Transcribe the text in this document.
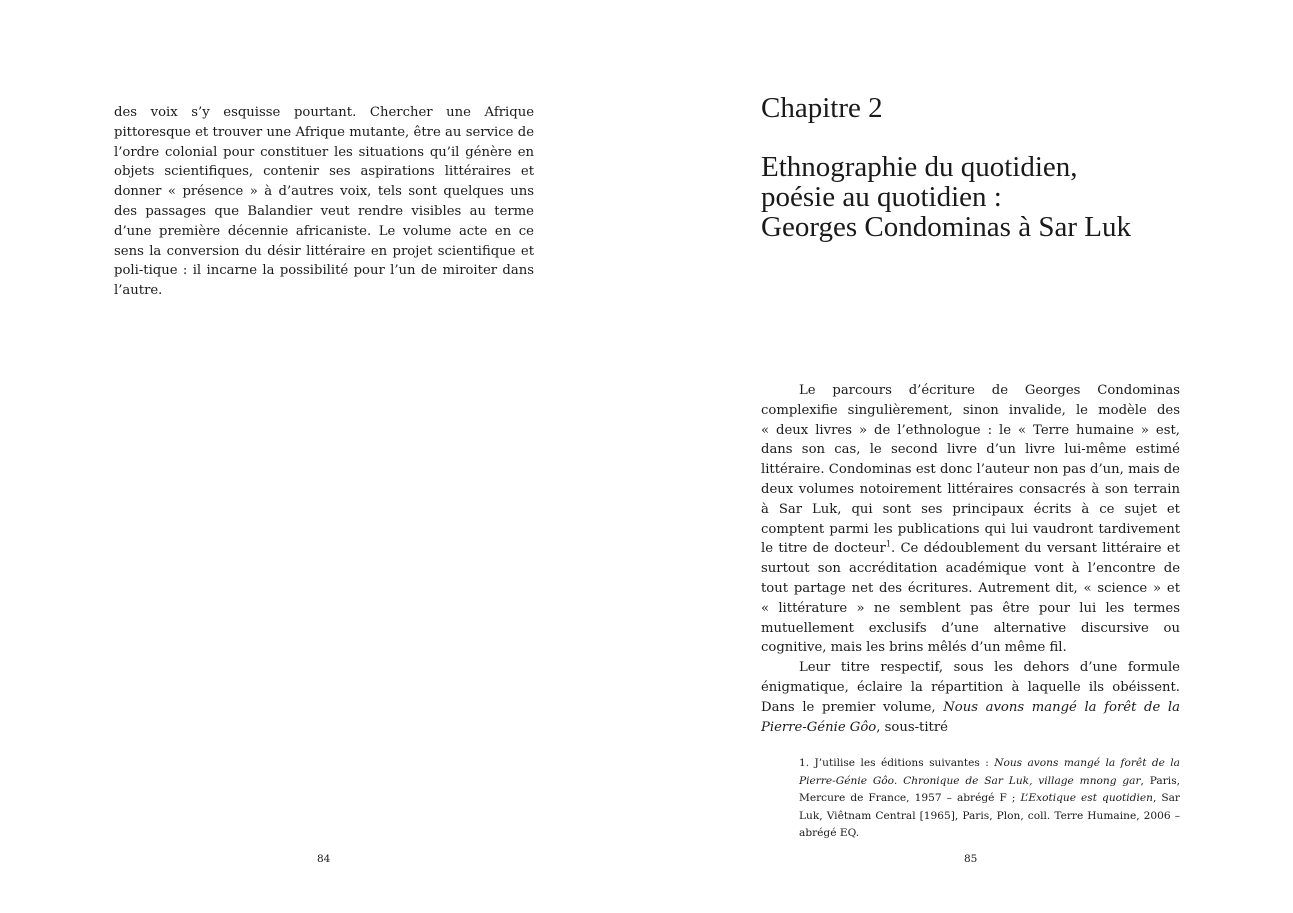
des voix s’y esquisse pourtant. Chercher une Afrique pittoresque et trouver une Afrique mutante, être au service de l’ordre colonial pour constituer les situations qu’il génère en objets scientifiques, contenir ses aspirations littéraires et donner « présence » à d’autres voix, tels sont quelques uns des passages que Balandier veut rendre visibles au terme d’une première décennie africaniste. Le volume acte en ce sens la conversion du désir littéraire en projet scientifique et poli-tique : il incarne la possibilité pour l’un de miroiter dans l’autre.

84
Chapitre 2
Ethnographie du quotidien,
poésie au quotidien :
Georges Condominas à Sar Luk

Le parcours d’écriture de Georges Condominas complexifie singulièrement, sinon invalide, le modèle des « deux livres » de l’ethnologue : le « Terre humaine » est, dans son cas, le second livre d’un livre lui-même estimé littéraire. Condominas est donc l’auteur non pas d’un, mais de deux volumes notoirement littéraires consacrés à son terrain à Sar Luk, qui sont ses principaux écrits à ce sujet et comptent parmi les publications qui lui vaudront tardivement le titre de docteur$^1$. Ce dédoublement du versant littéraire et surtout son accréditation académique vont à l’encontre de tout partage net des écritures. Autrement dit, « science » et « littérature » ne semblent pas être pour lui les termes mutuellement exclusifs d’une alternative discursive ou cognitive, mais les brins mêlés d’un même fil.

Leur titre respectif, sous les dehors d’une formule énigmatique, éclaire la répartition à laquelle ils obéissent. Dans le premier volume, Nous avons mangé la forêt de la Pierre-Génie Gôo, sous-titré

1. J’utilise les éditions suivantes : Nous avons mangé la forêt de la Pierre-Génie Gôo. Chronique de Sar Luk, village mnong gar, Paris, Mercure de France, 1957 – abrégé F ; L’Exotique est quotidien, Sar Luk, Viêtnam Central [1965], Paris, Plon, coll. Terre Humaine, 2006 – abrégé EQ.

85
